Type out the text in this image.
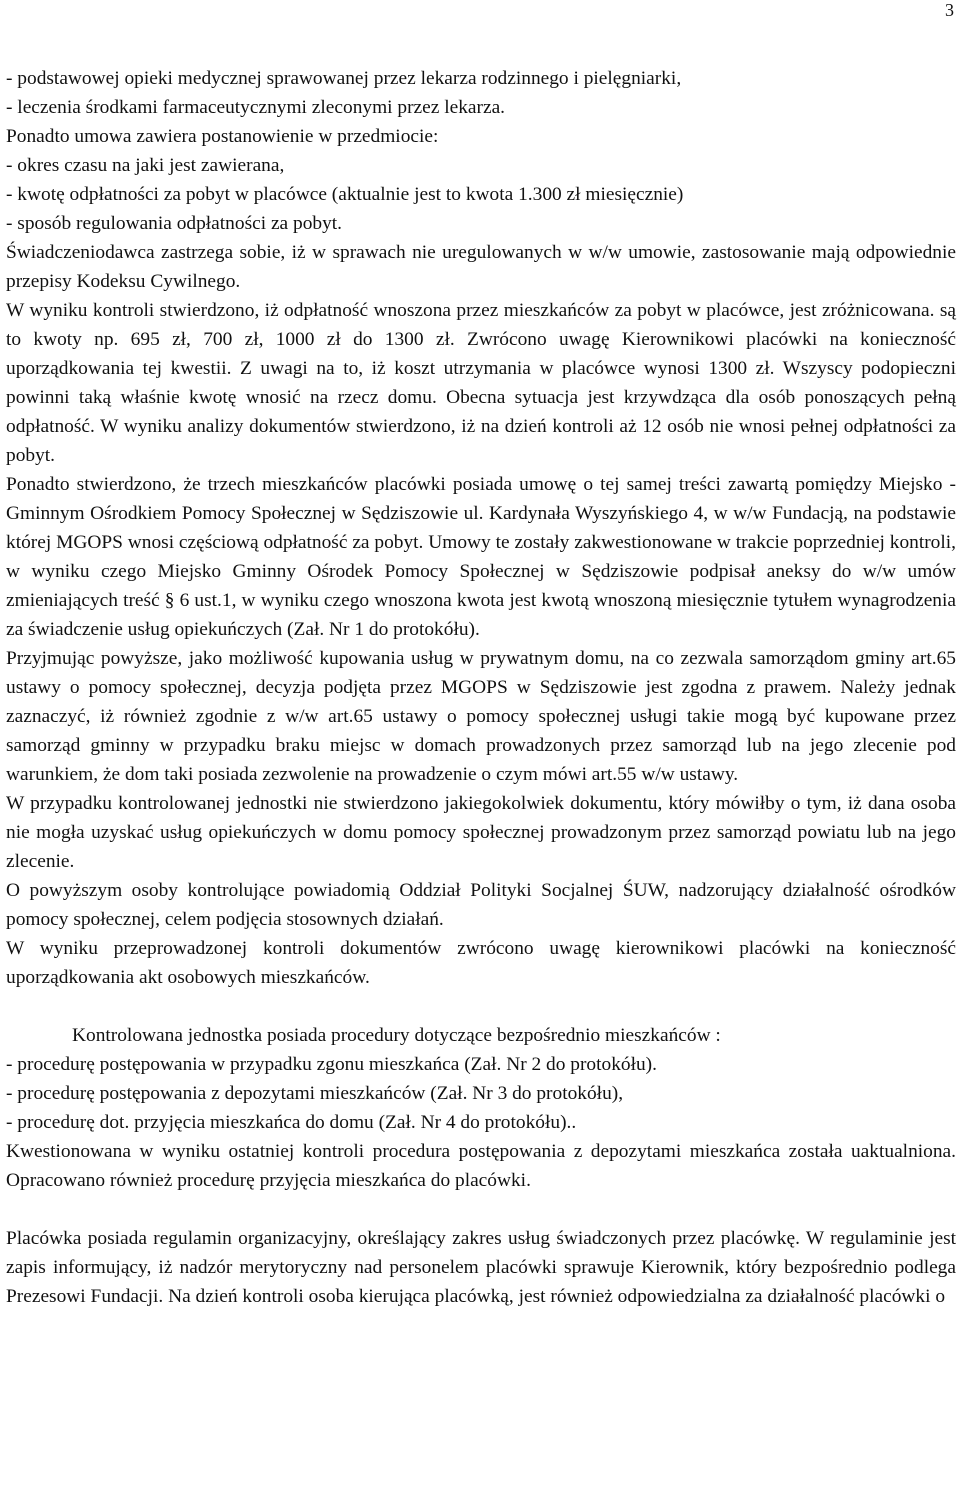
3
- podstawowej opieki medycznej sprawowanej przez lekarza rodzinnego i pielęgniarki,
- leczenia środkami farmaceutycznymi zleconymi przez lekarza.
Ponadto umowa zawiera postanowienie w przedmiocie:
- okres czasu na jaki jest zawierana,
- kwotę odpłatności za pobyt w placówce (aktualnie jest to kwota 1.300 zł miesięcznie)
- sposób regulowania odpłatności za pobyt.
Świadczeniodawca zastrzega sobie, iż w sprawach nie uregulowanych w w/w umowie, zastosowanie mają odpowiednie przepisy Kodeksu Cywilnego.
W wyniku kontroli stwierdzono, iż odpłatność wnoszona przez mieszkańców za pobyt w placówce, jest zróżnicowana. są to kwoty np. 695 zł, 700 zł, 1000 zł do 1300 zł. Zwrócono uwagę Kierownikowi placówki na konieczność uporządkowania tej kwestii. Z uwagi na to, iż koszt utrzymania w placówce wynosi 1300 zł. Wszyscy podopieczni powinni taką właśnie kwotę wnosić na rzecz domu. Obecna sytuacja jest krzywdząca dla osób ponoszących pełną odpłatność. W wyniku analizy dokumentów stwierdzono, iż na dzień kontroli aż 12 osób nie wnosi pełnej odpłatności za pobyt.
Ponadto stwierdzono, że trzech mieszkańców placówki posiada umowę o tej samej treści zawartą pomiędzy Miejsko - Gminnym Ośrodkiem Pomocy Społecznej w Sędziszowie ul. Kardynała Wyszyńskiego 4, w w/w Fundacją, na podstawie której MGOPS wnosi częściową odpłatność za pobyt. Umowy te zostały zakwestionowane w trakcie poprzedniej kontroli, w wyniku czego Miejsko Gminny Ośrodek Pomocy Społecznej w Sędziszowie podpisał aneksy do w/w umów zmieniających treść § 6 ust.1, w wyniku czego wnoszona kwota jest kwotą wnoszoną miesięcznie tytułem wynagrodzenia za świadczenie usług opiekuńczych (Zał. Nr 1 do protokółu).
Przyjmując powyższe, jako możliwość kupowania usług w prywatnym domu, na co zezwala samorządom gminy art.65 ustawy o pomocy społecznej, decyzja podjęta przez MGOPS w Sędziszowie jest zgodna z prawem. Należy jednak zaznaczyć, iż również zgodnie z w/w art.65 ustawy o pomocy społecznej usługi takie mogą być kupowane przez samorząd gminny w przypadku braku miejsc w domach prowadzonych przez samorząd lub na jego zlecenie pod warunkiem, że dom taki posiada zezwolenie na prowadzenie o czym mówi art.55 w/w ustawy.
W przypadku kontrolowanej jednostki nie stwierdzono jakiegokolwiek dokumentu, który mówiłby o tym, iż dana osoba nie mogła uzyskać usług opiekuńczych w domu pomocy społecznej prowadzonym przez samorząd powiatu lub na jego zlecenie.
O powyższym osoby kontrolujące powiadomią Oddział Polityki Socjalnej ŚUW, nadzorujący działalność ośrodków pomocy społecznej, celem podjęcia stosownych działań.
W wyniku przeprowadzonej kontroli dokumentów zwrócono uwagę kierownikowi placówki na konieczność uporządkowania akt osobowych mieszkańców.
Kontrolowana jednostka posiada procedury dotyczące bezpośrednio mieszkańców :
- procedurę postępowania w przypadku zgonu mieszkańca (Zał. Nr 2 do protokółu).
- procedurę postępowania z depozytami mieszkańców (Zał. Nr 3 do protokółu),
- procedurę dot. przyjęcia mieszkańca do domu (Zał. Nr 4 do protokółu)..
Kwestionowana w wyniku ostatniej kontroli procedura postępowania z depozytami mieszkańca została uaktualniona. Opracowano również procedurę przyjęcia mieszkańca do placówki.
Placówka posiada regulamin organizacyjny, określający zakres usług świadczonych przez placówkę. W regulaminie jest zapis informujący, iż nadzór merytoryczny nad personelem placówki sprawuje Kierownik, który bezpośrednio podlega Prezesowi Fundacji. Na dzień kontroli osoba kierująca placówką, jest również odpowiedzialna za działalność placówki o
